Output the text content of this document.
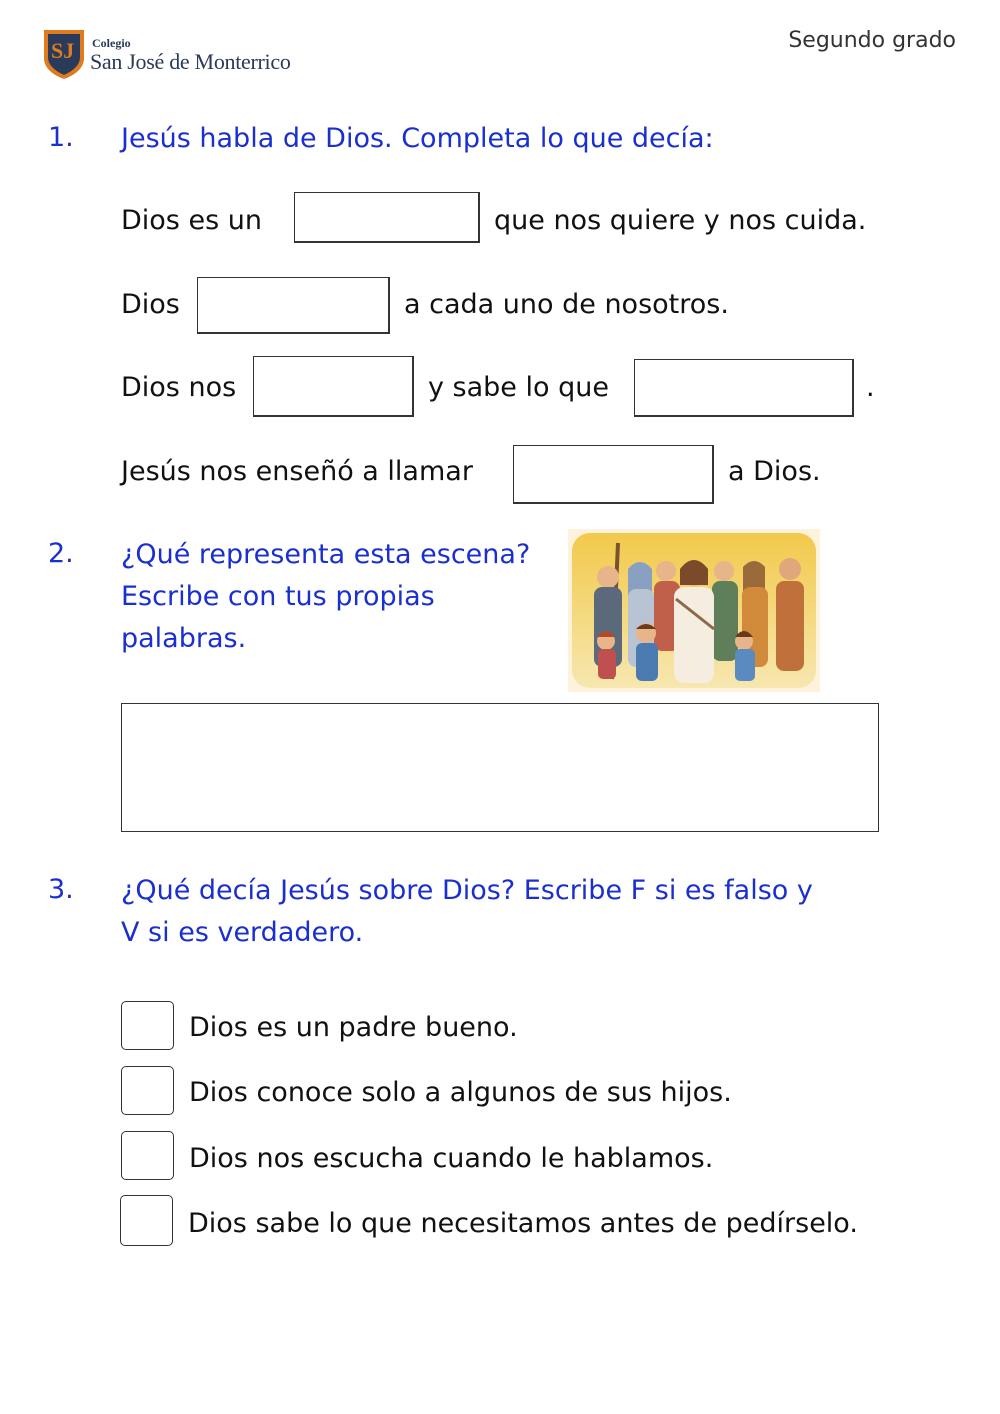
SJ Colegio
San José de Monterrico
Segundo grado
1. Jesús habla de Dios. Completa lo que decía:
Dios es un	que nos quiere y nos cuida.
Dios	a cada uno de nosotros.
Dios nos	y sabe lo que	.
Jesús nos enseñó a llamar	a Dios.
2. ¿Qué representa esta escena?
Escribe con tus propias
palabras.
3. ¿Qué decía Jesús sobre Dios? Escribe F si es falso y
V si es verdadero.
Dios es un padre bueno.
Dios conoce solo a algunos de sus hijos.
Dios nos escucha cuando le hablamos.
Dios sabe lo que necesitamos antes de pedírselo.
